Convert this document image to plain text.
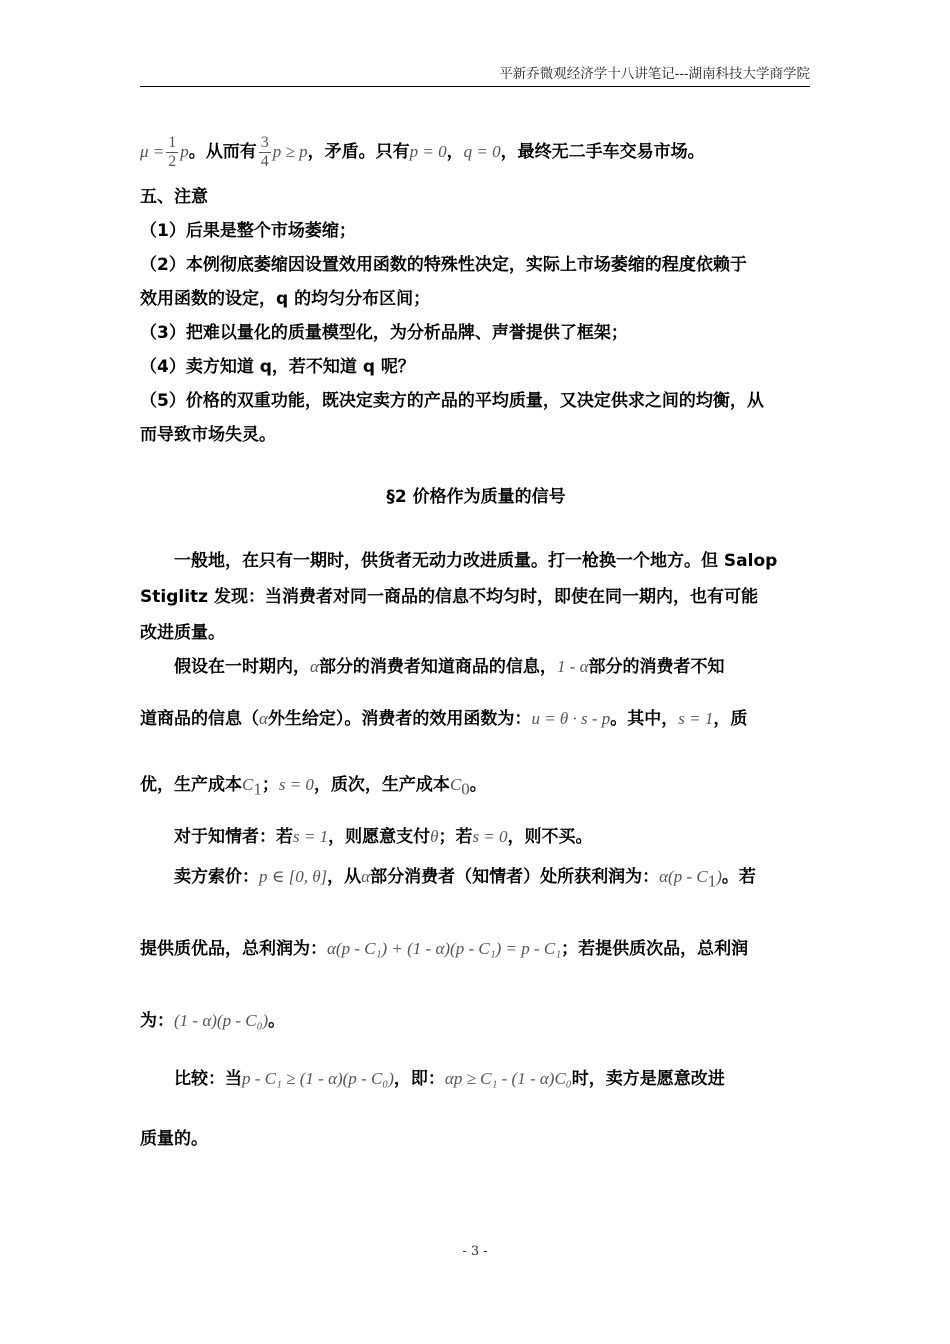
平新乔微观经济学十八讲笔记---湖南科技大学商学院
$\mu = \frac{1}{2}$ p。从而有 $\frac{3}{4}$ p ≥ p，矛盾。只有p = 0，q = 0，最终无二手车交易市场。
五、注意
（1）后果是整个市场萎缩；
（2）本例彻底萎缩因设置效用函数的特殊性决定，实际上市场萎缩的程度依赖于
效用函数的设定，q 的均匀分布区间；
（3）把难以量化的质量模型化，为分析品牌、声誉提供了框架；
（4）卖方知道 q，若不知道 q 呢？
（5）价格的双重功能，既决定卖方的产品的平均质量，又决定供求之间的均衡，从
而导致市场失灵。
§2 价格作为质量的信号
一般地，在只有一期时，供货者无动力改进质量。打一枪换一个地方。但 Salop
Stiglitz 发现：当消费者对同一商品的信息不均匀时，即使在同一期内，也有可能
改进质量。
假设在一时期内，α部分的消费者知道商品的信息，1 - α部分的消费者不知
道商品的信息（α外生给定）。消费者的效用函数为：u = θ · s - p。其中，s = 1，质
优，生产成本$C_1$；s = 0，质次，生产成本$C_0$。
对于知情者：若s = 1，则愿意支付θ；若s = 0，则不买。
卖方索价：p ∈ [0, θ]，从α部分消费者（知情者）处所获利润为：$\alpha(p - C_1)$。若
提供质优品，总利润为：α(p - C₁) + (1 - α)(p - C₁) = p - C₁；若提供质次品，总利润
为：(1 - α)(p - C₀)。
比较：当p - C₁ ≥ (1 - α)(p - C₀)，即：αp ≥ C₁ - (1 - α)C₀时，卖方是愿意改进
质量的。
- 3 -
